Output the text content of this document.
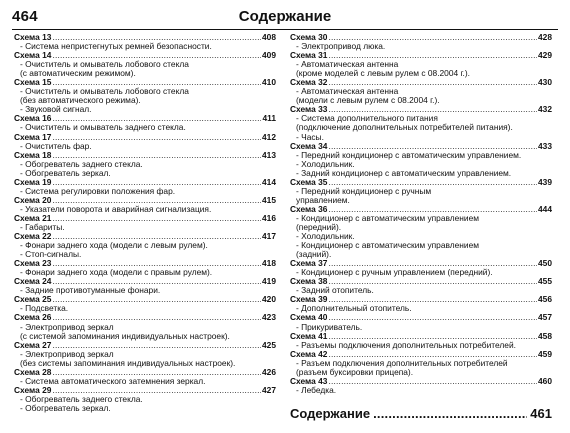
464	Содержание
Схема 13 .....	408
- Система непристегнутых ремней безопасности.
Схема 14 .....	409
- Очиститель и омыватель лобового стекла
(с автоматическим режимом).
Схема 15 .....	410
- Очиститель и омыватель лобового стекла
(без автоматического режима).
- Звуковой сигнал.
Схема 16 .....	411
- Очиститель и омыватель заднего стекла.
Схема 17 .....	412
- Очиститель фар.
Схема 18 .....	413
- Обогреватель заднего стекла.
- Обогреватель зеркал.
Схема 19 .....	414
- Система регулировки положения фар.
Схема 20 .....	415
- Указатели поворота и аварийная сигнализация.
Схема 21 .....	416
- Габариты.
Схема 22 .....	417
- Фонари заднего хода (модели с левым рулем).
- Стоп-сигналы.
Схема 23 .....	418
- Фонари заднего хода (модели с правым рулем).
Схема 24 .....	419
- Задние противотуманные фонари.
Схема 25 .....	420
- Подсветка.
Схема 26 .....	423
- Электропривод зеркал
(с системой запоминания индивидуальных настроек).
Схема 27 .....	425
- Электропривод зеркал
(без системы запоминания индивидуальных настроек).
Схема 28 .....	426
- Система автоматического затемнения зеркал.
Схема 29 .....	427
- Обогреватель заднего стекла.
- Обогреватель зеркал.
Схема 30 .....	428
- Электропривод люка.
Схема 31 .....	429
- Автоматическая антенна
(кроме моделей с левым рулем с 08.2004 г.).
Схема 32 .....	430
- Автоматическая антенна
(модели с левым рулем с 08.2004 г.).
Схема 33 .....	432
- Система дополнительного питания
(подключение дополнительных потребителей питания).
- Часы.
Схема 34 .....	433
- Передний кондиционер с автоматическим управлением.
- Холодильник.
- Задний кондиционер с автоматическим управлением.
Схема 35 .....	439
- Передний кондиционер с ручным
управлением.
Схема 36 .....	444
- Кондиционер с автоматическим управлением
(передний).
- Холодильник.
- Кондиционер с автоматическим управлением
(задний).
Схема 37 .....	450
- Кондиционер с ручным управлением (передний).
Схема 38 .....	455
- Задний отопитель.
Схема 39 .....	456
- Дополнительный отопитель.
Схема 40 .....	457
- Прикуриватель.
Схема 41 .....	458
- Разъемы подключения дополнительных потребителей.
Схема 42 .....	459
- Разъем подключения дополнительных потребителей
(разъем буксировки прицепа).
Схема 43 .....	460
- Лебедка.
Содержание .....	461
